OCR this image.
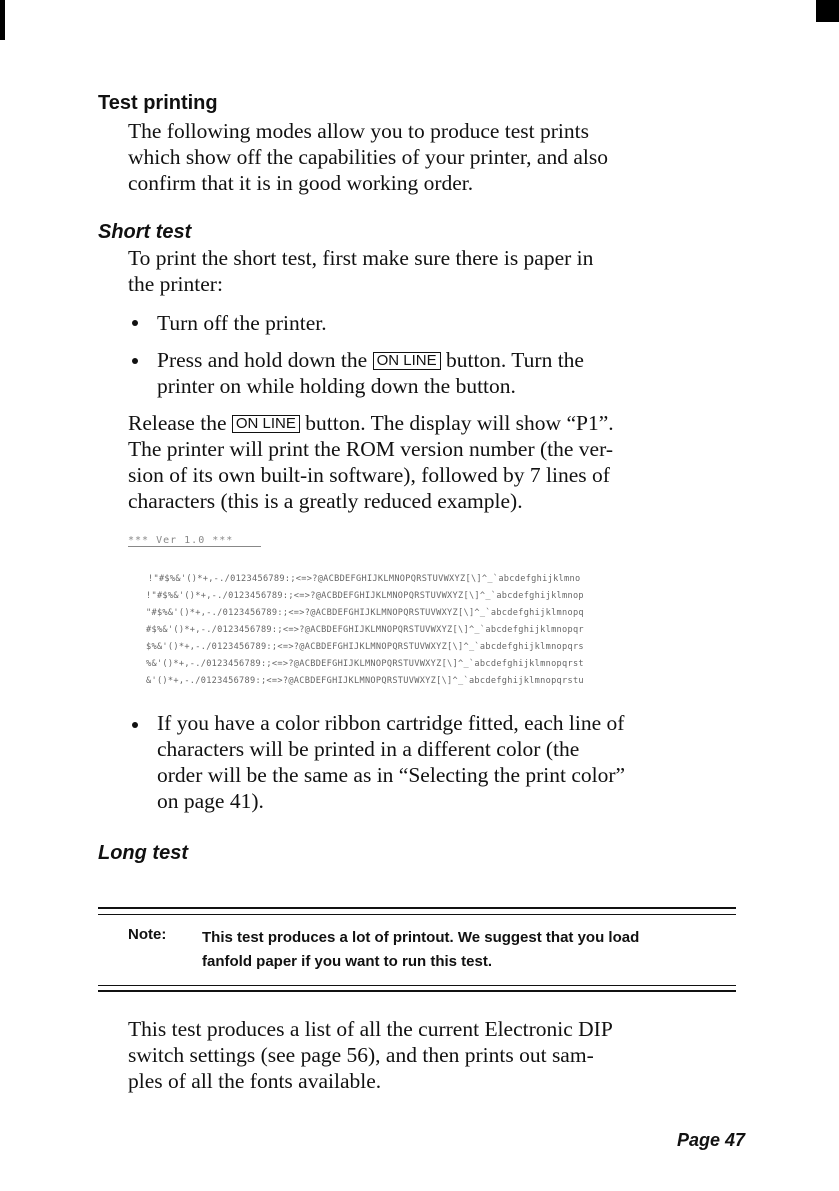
Test printing
The following modes allow you to produce test prints
which show off the capabilities of your printer, and also
confirm that it is in good working order.
Short test
To print the short test, first make sure there is paper in
the printer:
Turn off the printer.
Press and hold down the ON LINE button. Turn the
printer on while holding down the button.
Release the ON LINE button. The display will show “P1”.
The printer will print the ROM version number (the ver-
sion of its own built-in software), followed by 7 lines of
characters (this is a greatly reduced example).
*** Ver 1.0 ***
!"#$%&'()*+,-./0123456789:;<=>?@ACBDEFGHIJKLMNOPQRSTUVWXYZ[\]^_`abcdefghijklmno
!"#$%&'()*+,-./0123456789:;<=>?@ACBDEFGHIJKLMNOPQRSTUVWXYZ[\]^_`abcdefghijklmnop
"#$%&'()*+,-./0123456789:;<=>?@ACBDEFGHIJKLMNOPQRSTUVWXYZ[\]^_`abcdefghijklmnopq
#$%&'()*+,-./0123456789:;<=>?@ACBDEFGHIJKLMNOPQRSTUVWXYZ[\]^_`abcdefghijklmnopqr
$%&'()*+,-./0123456789:;<=>?@ACBDEFGHIJKLMNOPQRSTUVWXYZ[\]^_`abcdefghijklmnopqrs
%&'()*+,-./0123456789:;<=>?@ACBDEFGHIJKLMNOPQRSTUVWXYZ[\]^_`abcdefghijklmnopqrst
&'()*+,-./0123456789:;<=>?@ACBDEFGHIJKLMNOPQRSTUVWXYZ[\]^_`abcdefghijklmnopqrstu
If you have a color ribbon cartridge fitted, each line of
characters will be printed in a different color (the
order will be the same as in “Selecting the print color”
on page 41).
Long test
Note: This test produces a lot of printout. We suggest that you load
fanfold paper if you want to run this test.
This test produces a list of all the current Electronic DIP
switch settings (see page 56), and then prints out sam-
ples of all the fonts available.
Page 47
